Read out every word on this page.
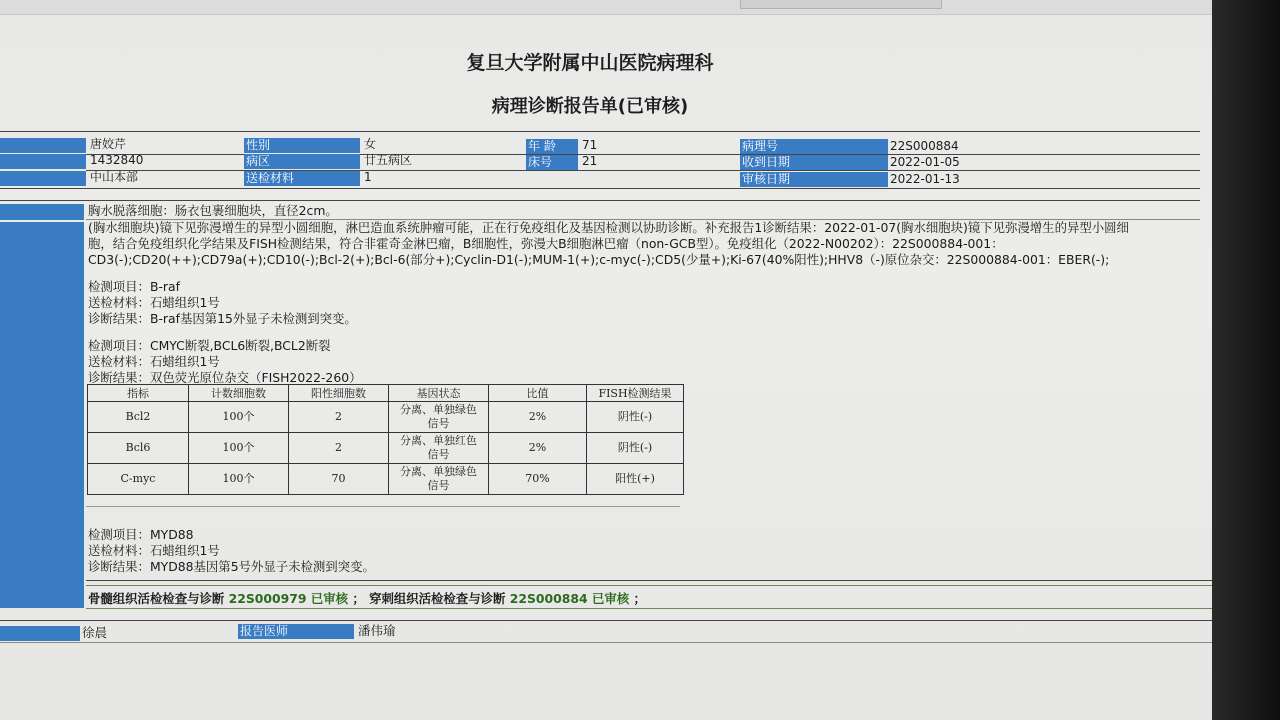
复旦大学附属中山医院病理科
病理诊断报告单(已审核)
唐姣芹	性别	女	年 龄	71	病理号	22S000884
1432840	病区	廿五病区	床号	21	收到日期	2022-01-05
中山本部	送检材料	1	审核日期	2022-01-13
胸水脱落细胞：肠衣包裹细胞块，直径2cm。
(胸水细胞块)镜下见弥漫增生的异型小圆细胞，淋巴造血系统肿瘤可能，正在行免疫组化及基因检测以协助诊断。补充报告1诊断结果：2022-01-07(胸水细胞块)镜下见弥漫增生的异型小圆细
胞，结合免疫组织化学结果及FISH检测结果，符合非霍奇金淋巴瘤，B细胞性，弥漫大B细胞淋巴瘤（non-GCB型）。免疫组化（2022-N00202）：22S000884-001：
CD3(-);CD20(++);CD79a(+);CD10(-);Bcl-2(+);Bcl-6(部分+);Cyclin-D1(-);MUM-1(+);c-myc(-);CD5(少量+);Ki-67(40%阳性);HHV8（-)原位杂交：22S000884-001：EBER(-);
检测项目：B-raf
送检材料：石蜡组织1号
诊断结果：B-raf基因第15外显子未检测到突变。
检测项目：CMYC断裂,BCL6断裂,BCL2断裂
送检材料：石蜡组织1号
诊断结果：双色荧光原位杂交（FISH2022-260）
指标	计数细胞数	阳性细胞数	基因状态	比值	FISH检测结果
Bcl2	100个	2	分离、单独绿色信号	2%	阴性(-)
Bcl6	100个	2	分离、单独红色信号	2%	阴性(-)
C-myc	100个	70	分离、单独绿色信号	70%	阳性(+)
检测项目：MYD88
送检材料：石蜡组织1号
诊断结果：MYD88基因第5号外显子未检测到突变。
骨髓组织活检检查与诊断 22S000979 已审核 ； 穿刺组织活检检查与诊断 22S000884 已审核 ；
徐晨	报告医师	潘伟瑜
